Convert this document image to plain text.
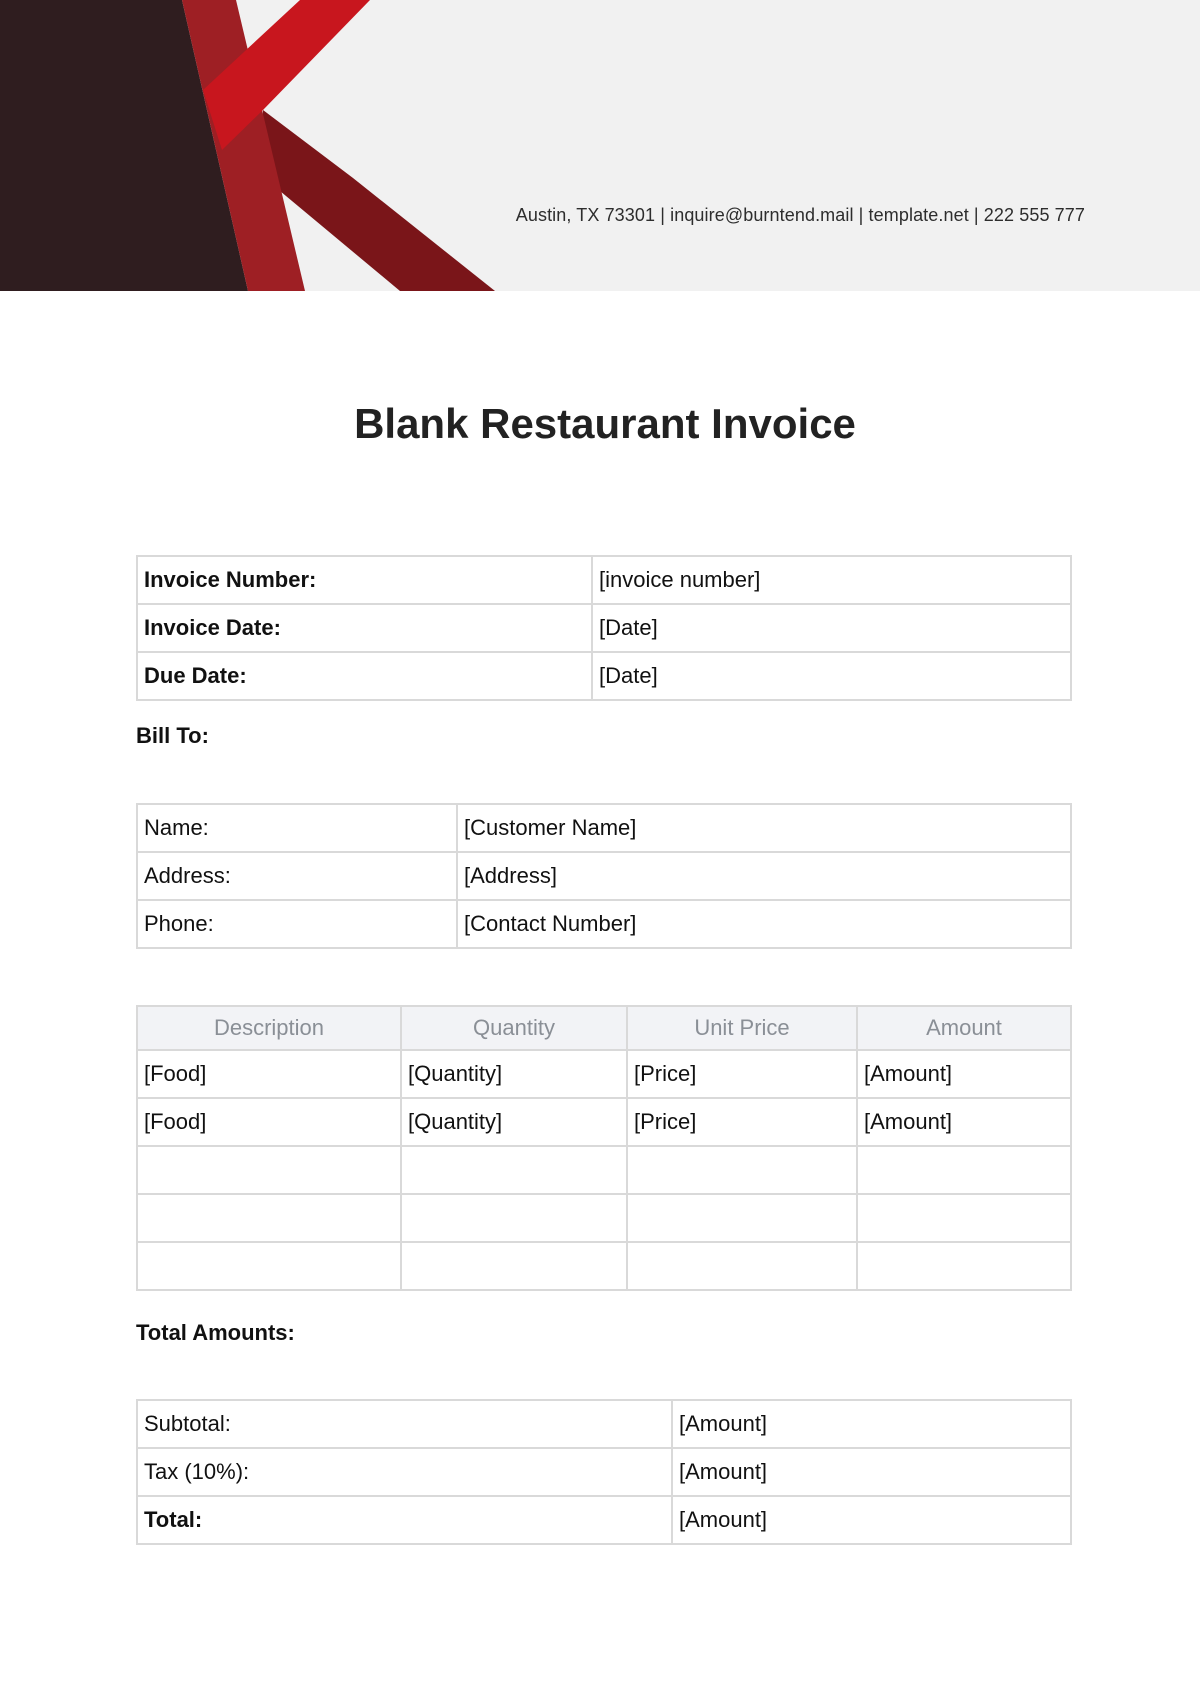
Austin, TX 73301 | inquire@burntend.mail | template.net | 222 555 777
Blank Restaurant Invoice
Invoice Number:	[invoice number]
Invoice Date:	[Date]
Due Date:	[Date]
Bill To:
Name:	[Customer Name]
Address:	[Address]
Phone:	[Contact Number]
Description	Quantity	Unit Price	Amount
[Food]	[Quantity]	[Price]	[Amount]
[Food]	[Quantity]	[Price]	[Amount]

Total Amounts:
Subtotal:	[Amount]
Tax (10%):	[Amount]
Total:	[Amount]
